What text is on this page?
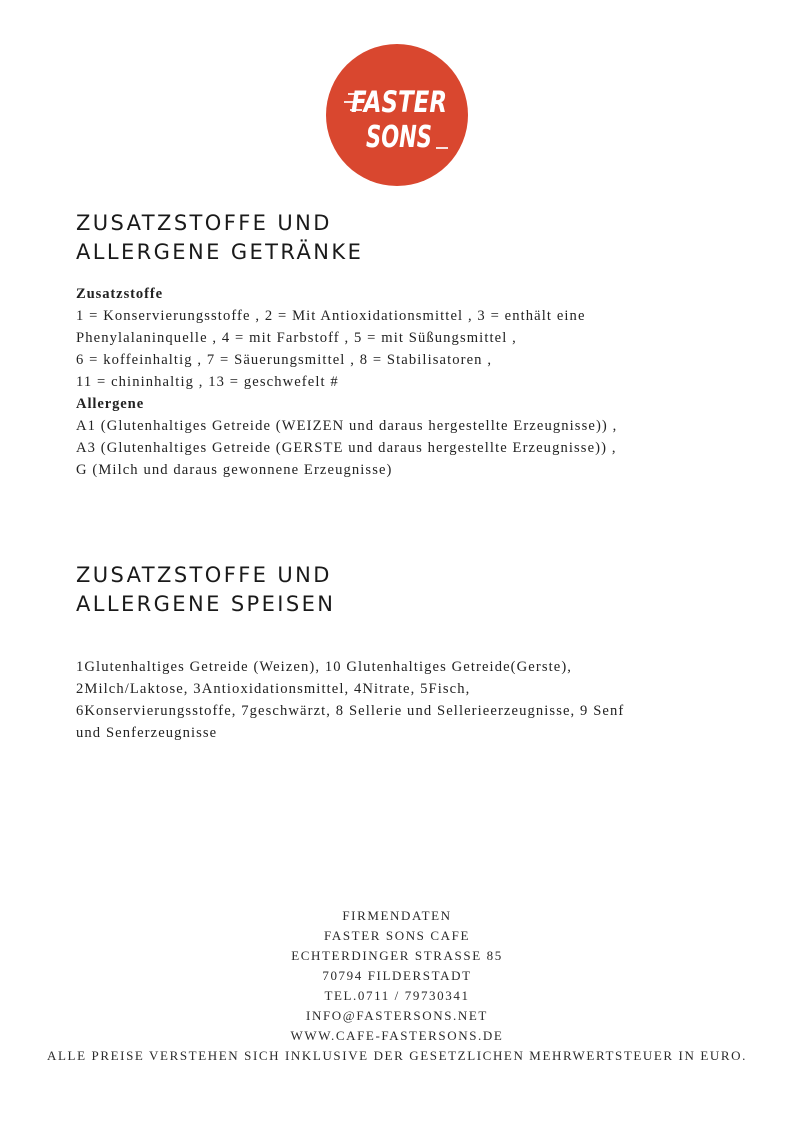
FASTER
SONS
ZUSATZSTOFFE UND
ALLERGENE GETRÄNKE

Zusatzstoffe

1 = Konservierungsstoffe , 2 = Mit Antioxidationsmittel , 3 = enthält eine

Phenylalaninquelle , 4 = mit Farbstoff , 5 = mit Süßungsmittel ,

6 = koffeinhaltig , 7 = Säuerungsmittel , 8 = Stabilisatoren ,

11 = chininhaltig , 13 = geschwefelt #

Allergene

A1 (Glutenhaltiges Getreide (WEIZEN und daraus hergestellte Erzeugnisse)) ,

A3 (Glutenhaltiges Getreide (GERSTE und daraus hergestellte Erzeugnisse)) ,

G (Milch und daraus gewonnene Erzeugnisse)

ZUSATZSTOFFE UND
ALLERGENE SPEISEN

1Glutenhaltiges Getreide (Weizen), 10 Glutenhaltiges Getreide(Gerste),

2Milch/Laktose, 3Antioxidationsmittel, 4Nitrate, 5Fisch,

6Konservierungsstoffe, 7geschwärzt, 8 Sellerie und Sellerieerzeugnisse, 9 Senf

und Senferzeugnisse

FIRMENDATEN

FASTER SONS CAFE

ECHTERDINGER STRASSE 85

70794 FILDERSTADT

TEL.0711 / 79730341

INFO@FASTERSONS.NET

WWW.CAFE-FASTERSONS.DE

ALLE PREISE VERSTEHEN SICH INKLUSIVE DER GESETZLICHEN MEHRWERTSTEUER IN EURO.
